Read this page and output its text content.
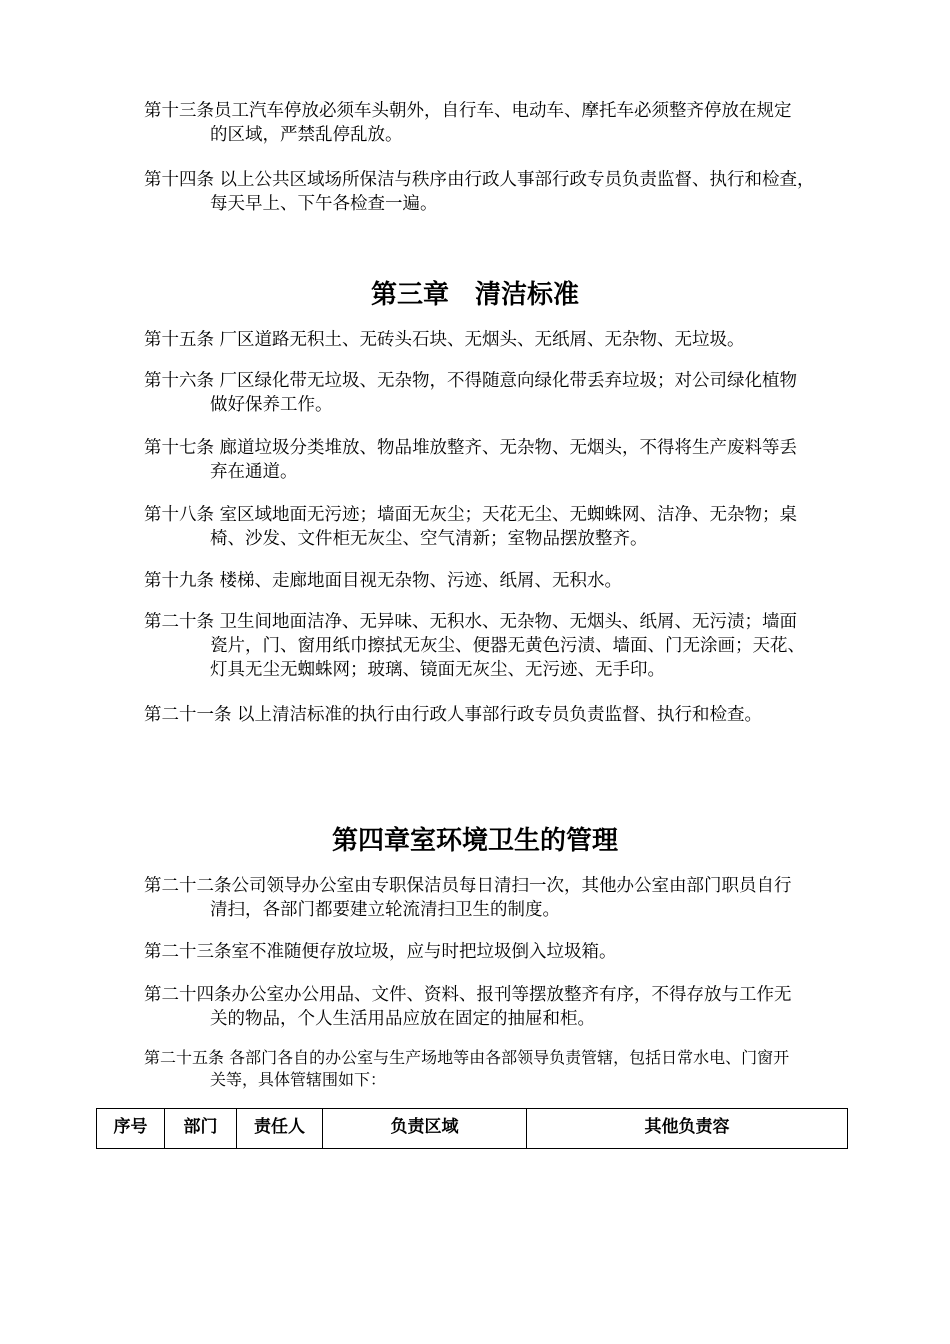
第十三条员工汽车停放必须车头朝外，自行车、电动车、摩托车必须整齐停放在规定
的区域，严禁乱停乱放。

第十四条 以上公共区域场所保洁与秩序由行政人事部行政专员负责监督、执行和检查，
每天早上、下午各检查一遍。

第三章　清洁标准

第十五条 厂区道路无积土、无砖头石块、无烟头、无纸屑、无杂物、无垃圾。

第十六条 厂区绿化带无垃圾、无杂物，不得随意向绿化带丢弃垃圾；对公司绿化植物
做好保养工作。

第十七条 廊道垃圾分类堆放、物品堆放整齐、无杂物、无烟头，不得将生产废料等丢
弃在通道。

第十八条 室区域地面无污迹；墙面无灰尘；天花无尘、无蜘蛛网、洁净、无杂物；桌
椅、沙发、文件柜无灰尘、空气清新；室物品摆放整齐。

第十九条 楼梯、走廊地面目视无杂物、污迹、纸屑、无积水。

第二十条 卫生间地面洁净、无异味、无积水、无杂物、无烟头、纸屑、无污渍；墙面
瓷片，门、窗用纸巾擦拭无灰尘、便器无黄色污渍、墙面、门无涂画；天花、
灯具无尘无蜘蛛网；玻璃、镜面无灰尘、无污迹、无手印。

第二十一条 以上清洁标准的执行由行政人事部行政专员负责监督、执行和检查。

第四章室环境卫生的管理

第二十二条公司领导办公室由专职保洁员每日清扫一次，其他办公室由部门职员自行
清扫，各部门都要建立轮流清扫卫生的制度。

第二十三条室不准随便存放垃圾，应与时把垃圾倒入垃圾箱。

第二十四条办公室办公用品、文件、资料、报刊等摆放整齐有序，不得存放与工作无
关的物品，个人生活用品应放在固定的抽屉和柜。

第二十五条 各部门各自的办公室与生产场地等由各部领导负责管辖，包括日常水电、门窗开
关等，具体管辖围如下：

序号	部门	责任人	负责区域	其他负责容
